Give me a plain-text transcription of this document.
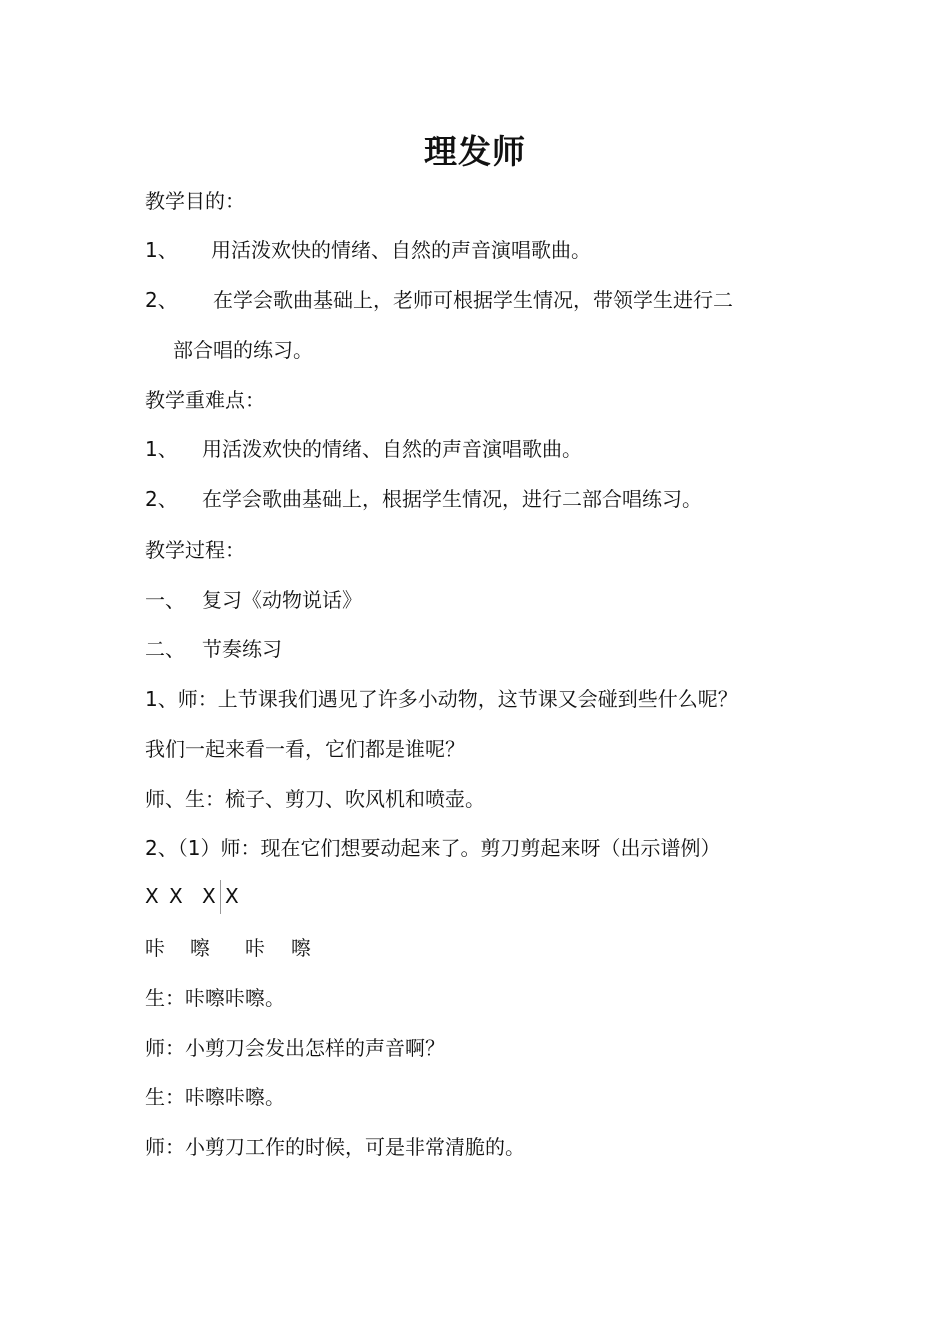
理发师
教学目的：
1、 用活泼欢快的情绪、自然的声音演唱歌曲。
2、 在学会歌曲基础上，老师可根据学生情况，带领学生进行二
部合唱的练习。
教学重难点：
1、 用活泼欢快的情绪、自然的声音演唱歌曲。
2、 在学会歌曲基础上，根据学生情况，进行二部合唱练习。
教学过程：
一、 复习《动物说话》
二、 节奏练习
1、师：上节课我们遇见了许多小动物，这节课又会碰到些什么呢？
我们一起来看一看，它们都是谁呢？
师、生：梳子、剪刀、吹风机和喷壶。
2、（1）师：现在它们想要动起来了。剪刀剪起来呀（出示谱例）
X X X X
咔 嚓 咔 嚓
生：咔嚓咔嚓。
师：小剪刀会发出怎样的声音啊？
生：咔嚓咔嚓。
师：小剪刀工作的时候，可是非常清脆的。
